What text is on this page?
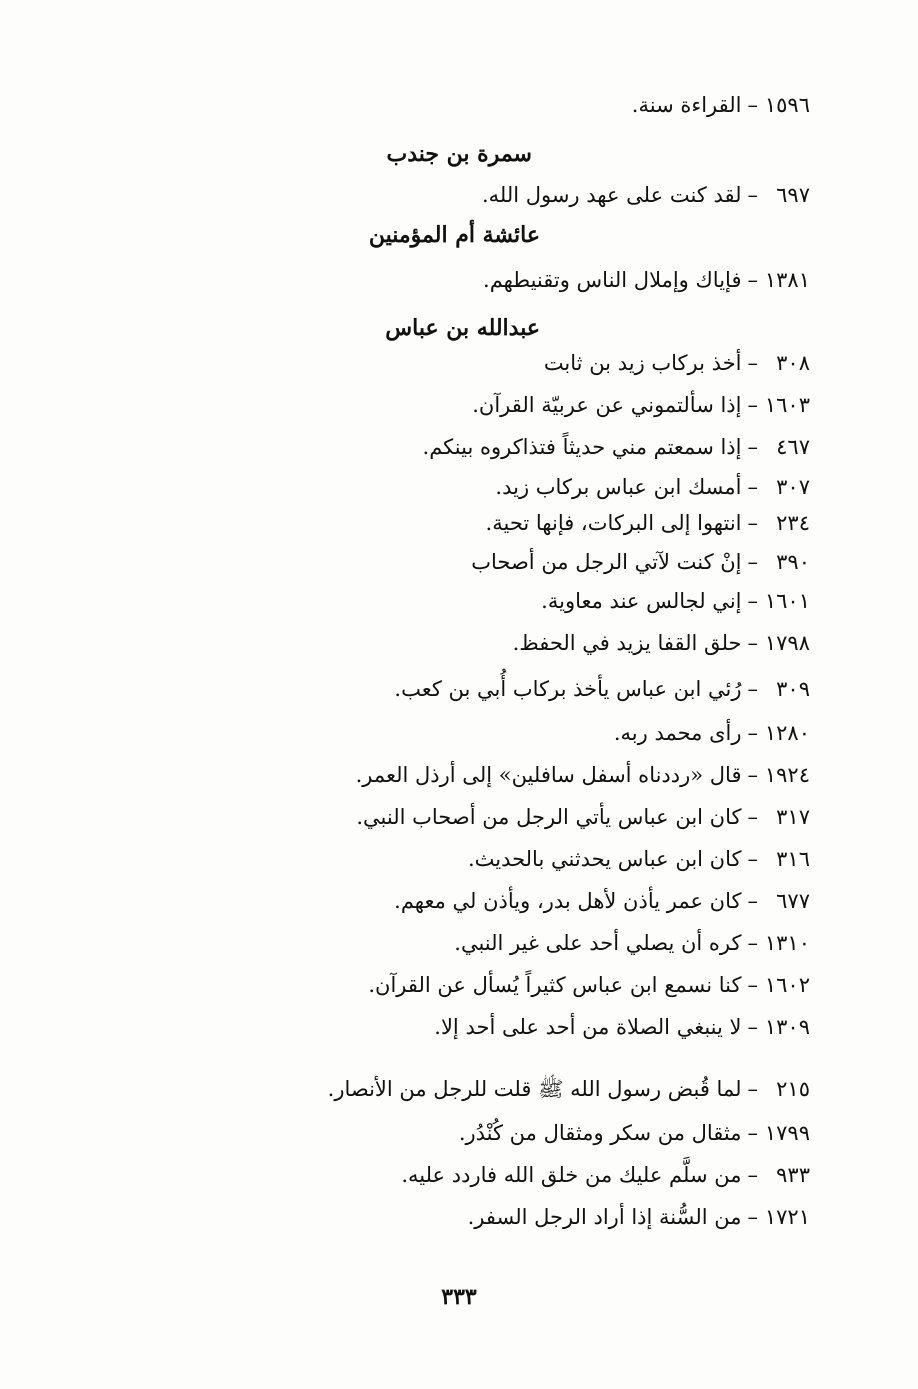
١٥٩٦–القراءة سنة.
سمرة بن جندب
٦٩٧–لقد كنت على عهد رسول الله.
عائشة أم المؤمنين
١٣٨١–فإياك وإملال الناس وتقنيطهم.
عبدالله بن عباس
٣٠٨–أخذ بركاب زيد بن ثابت
١٦٠٣–إذا سألتموني عن عربيّة القرآن.
٤٦٧–إذا سمعتم مني حديثاً فتذاكروه بينكم.
٣٠٧–أمسك ابن عباس بركاب زيد.
٢٣٤–انتهوا إلى البركات، فإنها تحية.
٣٩٠–إنْ كنت لآتي الرجل من أصحاب
١٦٠١–إني لجالس عند معاوية.
١٧٩٨–حلق القفا يزيد في الحفظ.
٣٠٩–رُئي ابن عباس يأخذ بركاب أُبي بن كعب.
١٢٨٠–رأى محمد ربه.
١٩٢٤–قال «رددناه أسفل سافلين» إلى أرذل العمر.
٣١٧–كان ابن عباس يأتي الرجل من أصحاب النبي.
٣١٦–كان ابن عباس يحدثني بالحديث.
٦٧٧–كان عمر يأذن لأهل بدر، ويأذن لي معهم.
١٣١٠–كره أن يصلي أحد على غير النبي.
١٦٠٢–كنا نسمع ابن عباس كثيراً يُسأل عن القرآن.
١٣٠٩–لا ينبغي الصلاة من أحد على أحد إلا.
٢١٥–لما قُبض رسول الله ﷺ قلت للرجل من الأنصار.
١٧٩٩–مثقال من سكر ومثقال من كُنْدُر.
٩٣٣–من سلَّم عليك من خلق الله فاردد عليه.
١٧٢١–من السُّنة إذا أراد الرجل السفر.
٣٣٣
